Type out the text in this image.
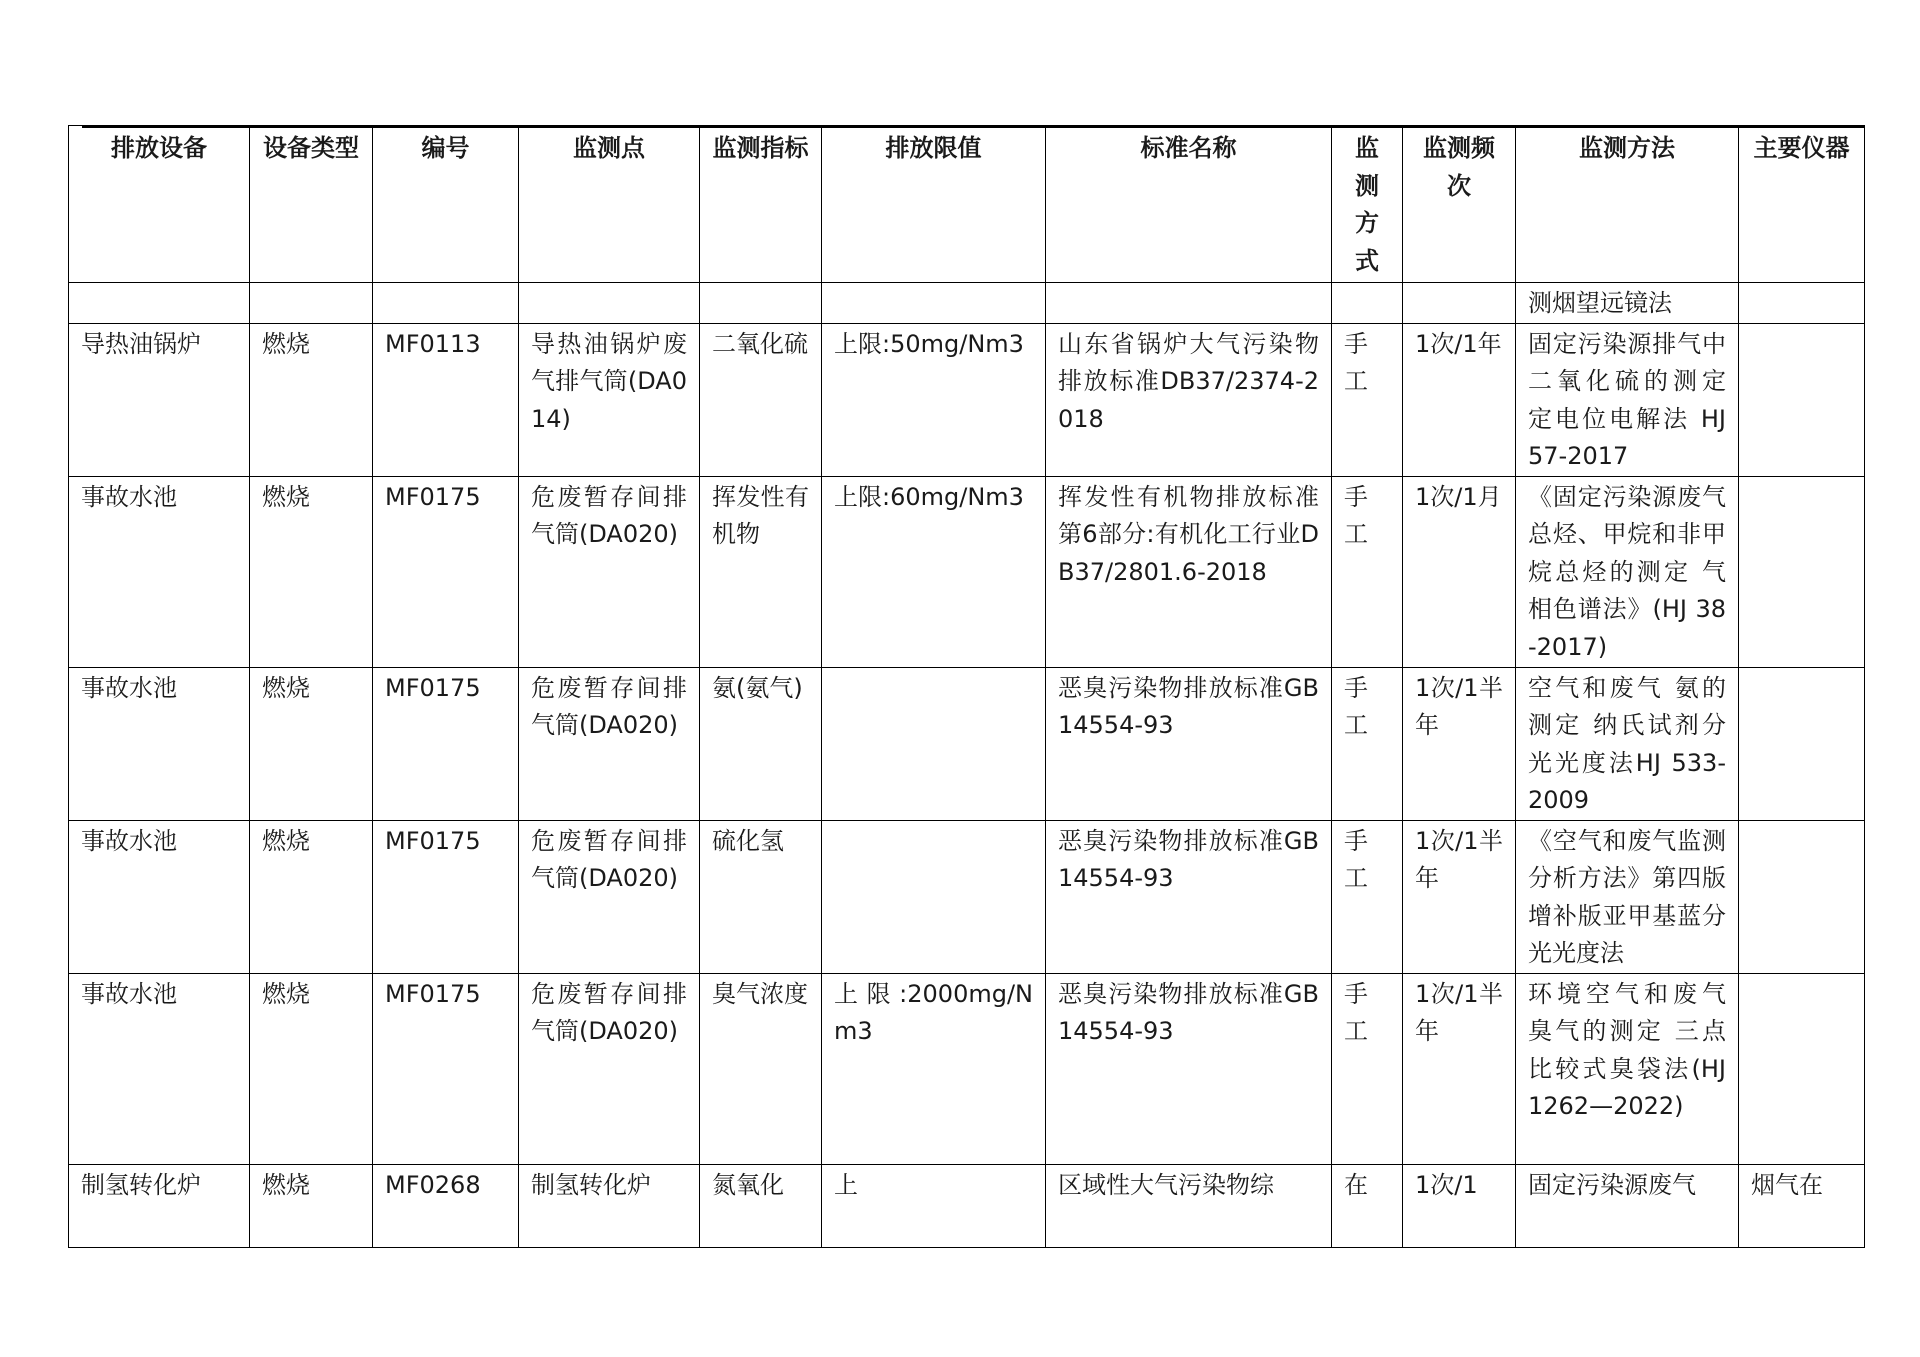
排放设备	设备类型	编号	监测点	监测指标	排放限值	标准名称	监测方式	监测频次	监测方法	主要仪器
									测烟望远镜法	
导热油锅炉	燃烧	MF0113	导热油锅炉废气排气筒(DA014)	二氧化硫	上限:50mg/Nm3	山东省锅炉大气污染物排放标准DB37/2374-2018	手工	1次/1年	固定污染源排气中二氧化硫的测定 定电位电解法 HJ 57-2017	
事故水池	燃烧	MF0175	危废暂存间排气筒(DA020)	挥发性有机物	上限:60mg/Nm3	挥发性有机物排放标准第6部分:有机化工行业DB37/2801.6-2018	手工	1次/1月	《固定污染源废气 总烃、甲烷和非甲烷总烃的测定 气相色谱法》(HJ 38-2017)	
事故水池	燃烧	MF0175	危废暂存间排气筒(DA020)	氨(氨气)		恶臭污染物排放标准GB 14554-93	手工	1次/1半年	空气和废气 氨的测定 纳氏试剂分光光度法HJ 533-2009	
事故水池	燃烧	MF0175	危废暂存间排气筒(DA020)	硫化氢		恶臭污染物排放标准GB 14554-93	手工	1次/1半年	《空气和废气监测分析方法》第四版增补版亚甲基蓝分光光度法	
事故水池	燃烧	MF0175	危废暂存间排气筒(DA020)	臭气浓度	上限:2000mg/Nm3	恶臭污染物排放标准GB 14554-93	手工	1次/1半年	环境空气和废气 臭气的测定 三点比较式臭袋法(HJ 1262—2022)	
制氢转化炉	燃烧	MF0268	制氢转化炉	氮氧化	上	区域性大气污染物综	在	1次/1	固定污染源废气	烟气在
